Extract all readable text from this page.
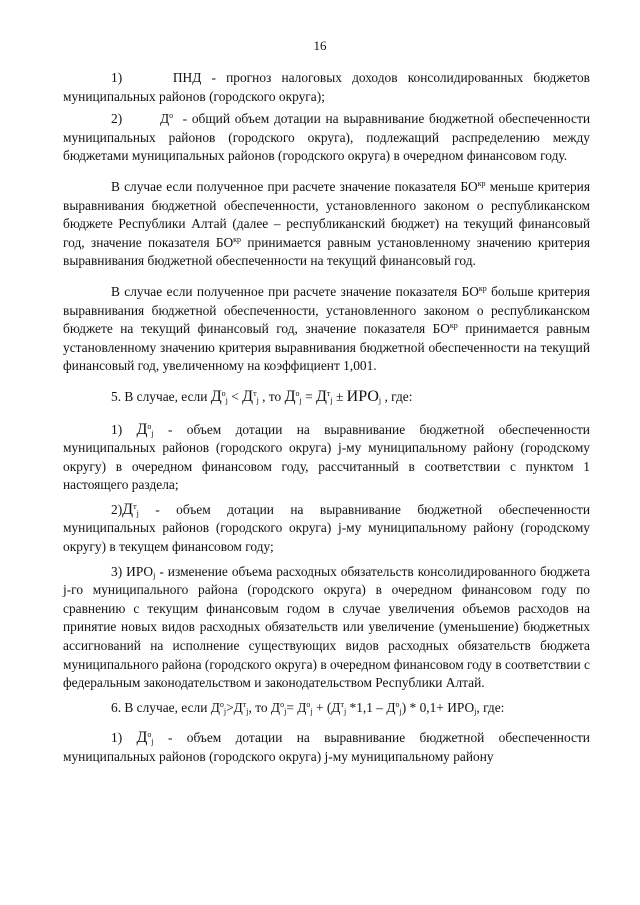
16

1)     ПНД - прогноз налоговых доходов консолидированных бюджетов муниципальных районов (городского округа);

2)        $Д^о$  - общий объем дотации на выравнивание бюджетной обеспеченности муниципальных районов (городского округа), подлежащий распределению между бюджетами муниципальных районов (городского округа) в очередном финансовом году.

В случае если полученное при расчете значение показателя $БО^{кр}$ меньше критерия выравнивания бюджетной обеспеченности, установленного законом о республиканском бюджете Республики Алтай (далее – республиканский бюджет) на текущий финансовый год, значение показателя $БО^{кр}$ принимается равным установленному значению критерия выравнивания бюджетной обеспеченности на текущий финансовый год.

В случае если полученное при расчете значение показателя $БО^{кр}$ больше критерия выравнивания бюджетной обеспеченности, установленного законом о республиканском бюджете на текущий финансовый год, значение показателя $БО^{кр}$ принимается равным установленному значению критерия выравнивания бюджетной обеспеченности на текущий финансовый год, увеличенному на коэффициент 1,001.

5. В случае, если $Д^о_j < Д^т_j$ , то $Д^о_j = Д^т_j \pm ИРО_j$ , где:

1) $Д^о_j$ - объем дотации на выравнивание бюджетной обеспеченности муниципальных районов (городского округа) j-му муниципальному району (городскому округу) в очередном финансовом году, рассчитанный в соответствии с пунктом 1 настоящего раздела;

$2)Д^т_j$ - объем дотации на выравнивание бюджетной обеспеченности муниципальных районов (городского округа) j-му муниципальному району (городскому округу) в текущем финансовом году;

3) $ИРО_j$ - изменение объема расходных обязательств консолидированного бюджета j-го муниципального района (городского округа) в очередном финансовом году по сравнению с текущим финансовым годом в случае увеличения объемов расходов на принятие новых видов расходных обязательств или увеличение (уменьшение) бюджетных ассигнований на исполнение существующих видов расходных обязательств бюджета муниципального района (городского округа) в очередном финансовом году в соответствии с федеральным законодательством и законодательством Республики Алтай.

6. В случае, если $Д^о_j>Д^т_j$, то $Д^о_j= Д^о_j + (Д^т_j$ $*1,1 - Д^о_j) * 0,1+ ИРО_j$, где:

1) $Д^о_j$ - объем дотации на выравнивание бюджетной обеспеченности муниципальных районов (городского округа) j-му муниципальному району
